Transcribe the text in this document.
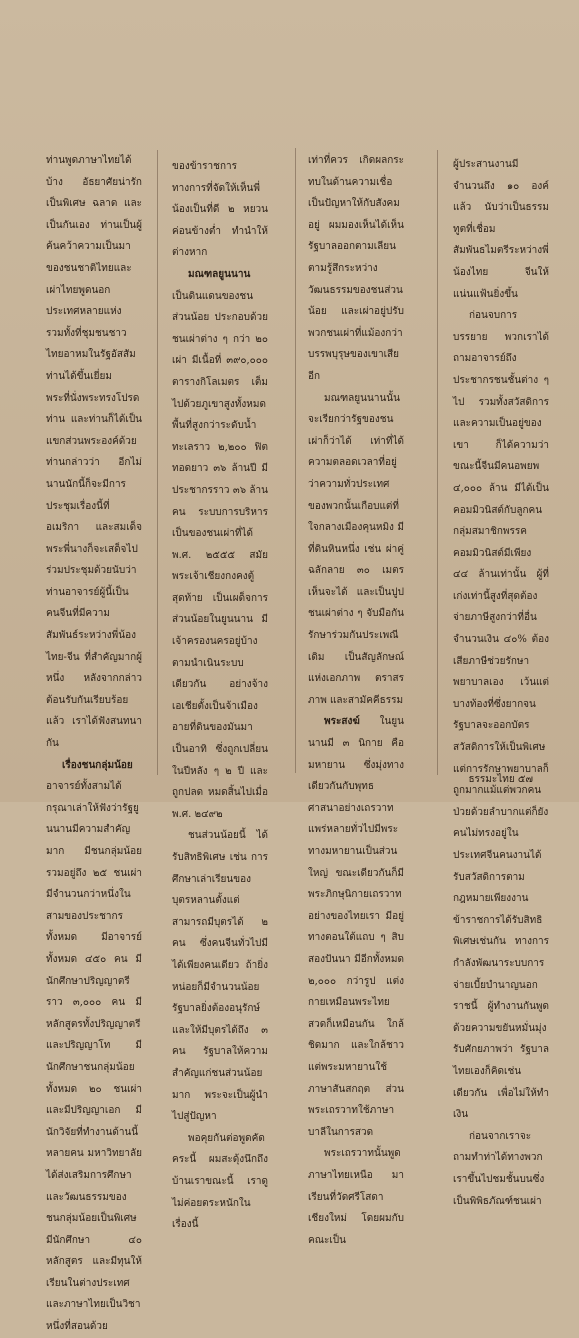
ท่านพูดภาษาไทยได้บ้าง อัธยาศัยน่ารักเป็นพิเศษ ฉลาด และเป็นกันเอง ท่านเป็นผู้ค้นคว้าความเป็นมาของชนชาติไทยและเผ่าไทยพูดนอกประเทศหลายแห่ง รวมทั้งที่ชุมชนชาวไทยอาหมในรัฐอัสสัม ท่านได้ขึ้นเยี่ยมพระที่นั่งพระทรงโปรดท่าน และท่านก็ได้เป็นแขกส่วนพระองค์ด้วย ท่านกล่าวว่า อีกไม่นานนักนี้ก็จะมีการประชุมเรื่องนี้ที่อเมริกา และสมเด็จพระพี่นางก็จะเสด็จไปร่วมประชุมด้วยนับว่าท่านอาจารย์ผู้นี้เป็นคนจีนที่มีความสัมพันธ์ระหว่างพี่น้องไทย-จีน ที่สำคัญมากผู้หนึ่ง หลังจากกล่าวต้อนรับกันเรียบร้อยแล้ว เราได้ฟังสนทนากัน

เรื่องชนกลุ่มน้อย อาจารย์ทั้งสามได้กรุณาเล่าให้ฟังว่ารัฐยูนนานมีความสำคัญมาก มีชนกลุ่มน้อยรวมอยู่ถึง ๒๕ ชนเผ่า มีจำนวนกว่าหนึ่งในสามของประชากรทั้งหมด มีอาจารย์ทั้งหมด ๔๕๐ คน มีนักศึกษาปริญญาตรีราว ๓,๐๐๐ คน มีหลักสูตรทั้งปริญญาตรีและปริญญาโท มีนักศึกษาชนกลุ่มน้อยทั้งหมด ๒๐ ชนเผ่า และมีปริญญาเอก มีนักวิจัยที่ทำงานด้านนี้หลายคน มหาวิทยาลัยได้ส่งเสริมการศึกษาและวัฒนธรรมของชนกลุ่มน้อยเป็นพิเศษ มีนักศึกษา ๔๐ หลักสูตร และมีทุนให้เรียนในต่างประเทศ และภาษาไทยเป็นวิชาหนึ่งที่สอนด้วย

ของข้าราชการทางการที่จัดให้เห็นพี่น้องเป็นที่ดี ๒ หยวนค่อนข้างต่ำ ทำนำให้ต่างหาก

มณฑลยูนนาน เป็นดินแดนของชนส่วนน้อย ประกอบด้วยชนเผ่าต่าง ๆ กว่า ๒๐ เผ่า มีเนื้อที่ ๓๙๐,๐๐๐ ตารางกิโลเมตร เต็มไปด้วยภูเขาสูงทั้งหมด พื้นที่สูงกว่าระดับน้ำทะเลราว ๒,๒๐๐ ฟิต ทอดยาว ๓๖ ล้านปี มีประชากรราว ๓๖ ล้านคน ระบบการบริหารเป็นของชนเผ่าที่ได้ พ.ศ. ๒๕๕๕ สมัยพระเจ้าเชียงกงคงตู้สุดท้าย เป็นเผด็จการ ส่วนน้อยในยูนนาน มีเจ้าครองนครอยู่บ้างตามนำเนินระบบเดียวกัน อย่างจ้างเอเชียตั้งเป็นจ้าเมืองอายที่ดินของมันมา เป็นอาทิ ซึ่งถูกเปลี่ยนในปีหลัง ๆ ๒ ปี และถูกปลด หมดสิ้นไปเมื่อ พ.ศ. ๒๔๙๒

ชนส่วนน้อยนี้ ได้รับสิทธิพิเศษ เช่น การศึกษาเล่าเรียนของบุตรหลานตั้งแต่ สามารถมีบุตรได้ ๒ คน ซึ่งคนจีนทั่วไปมีได้เพียงคนเดียว ถ้ายิ่งหน่อยก็มีจำนวนน้อย รัฐบาลยิ่งต้องอนุรักษ์และให้มีบุตรได้ถึง ๓ คน รัฐบาลให้ความสำคัญแก่ชนส่วนน้อยมาก พระจะเป็นผู้นำไปสู่ปัญหา

พอคุยกันต่อพูดคัดคระนี้ ผมสะดุ้งนึกถึงบ้านเราขณะนี้ เราดูไม่ค่อยตระหนักในเรื่องนี้

เท่าที่ควร เกิดผลกระทบในด้านความเชื่อ เป็นปัญหาให้กับสังคมอยู่ ผมมองเห็นได้เห็นรัฐบาลออกตามเลียนตามรู้สึกระหว่างวัฒนธรรมของชนส่วนน้อย และเผ่าอยู่ปรับพวกชนเผ่าที่แม้องกว่าบรรพบุรุษของเขาเสียอีก

มณฑลยูนนานนั้น จะเรียกว่ารัฐของชนเผ่าก็ว่าได้ เท่าที่ได้ความตลอดเวลาที่อยู่ว่าความทั่วประเทศของพวกนั้นเกือบแต่ที่ใจกลางเมืองคุนหมิง มีที่ดินหินหนึ่ง เช่น ผ่าคู่ฉลักลาย ๓๐ เมตรเห็นจะได้ และเป็นปูปชนเผ่าต่าง ๆ จับมือกันรักษาร่วมกันประเพณีเดิม เป็นสัญลักษณ์แห่งเอกภาพ ตราสรภาพ และสามัคคีธรรม

พระสงฆ์ ในยูนนานมี ๓ นิกาย คือ มหายาน ซึ่งมุ่งทางเดียวกันกับพุทธศาสนาอย่างเถรวาทแพร่หลายทั่วไปมีพระทางมหายานเป็นส่วนใหญ่ ขณะเดียวกันก็มีพระภิกษุนิกายเถรวาทอย่างของไทยเรา มีอยู่ทางตอนใต้แถบ ๆ สิบสองปันนา มีอีกทั้งหมด ๒,๐๐๐ กว่ารูป แต่งกายเหมือนพระไทย สวดก็เหมือนกัน ใกล้ชิดมาก และใกล้ชาวแต่พระมหายานใช้ภาษาสันสกฤต ส่วนพระเถรวาทใช้ภาษาบาลีในการสวด

พระเถรวาทนั้นพูดภาษาไทยเหนือ มาเรียนที่วัดศรีโสดาเชียงใหม่ โดยผมกับคณะเป็น

ผู้ประสานงานมีจำนวนถึง ๑๐ องค์แล้ว นับว่าเป็นธรรมทูตที่เชื่อมสัมพันธไมตรีระหว่างพี่น้องไทย จีนให้แน่นแฟ้นยิ่งขึ้น

ก่อนจบการบรรยาย พวกเราได้ถามอาจารย์ถึงประชากรชนชั้นต่าง ๆ ไป รวมทั้งสวัสดิการและความเป็นอยู่ของเขา ก็ได้ความว่า ขณะนี้จีนมีคนอพยพ ๔,๐๐๐ ล้าน มีได้เป็นคอมมิวนิสต์กับลูกคนกลุ่มสมาชิกพรรคคอมมิวนิสต์มีเพียง ๔๔ ล้านเท่านั้น ผู้ที่เก่งเท่านี้สูงที่สุดต้องจ่ายภาษีสูงกว่าที่อื่นจำนวนเงิน ๔๐% ต้องเสียภาษีช่วยรักษาพยาบาลเอง เว้นแต่บางท้องที่ซึ่งยากจน รัฐบาลจะออกบัตรสวัสดิการให้เป็นพิเศษแต่การรักษาพยาบาลก็ถูกมากแม้แต่พวกคนป่วยด้วยลำบากแต่ก็ยังคนไม่ทรงอยู่ในประเทศจีนคนงานได้รับสวัสดิการตามกฎหมายเพียงงาน ข้าราชการได้รับสิทธิพิเศษเช่นกัน ทางการกำลังพัฒนาระบบการจ่ายเบี้ยบำนาญนอกราชนี้ ผู้ทำงานกันพูดด้วยความขยันหมั่นมุ่งรับศักยภาพว่า รัฐบาลไทยเองก็คิดเช่นเดียวกัน เพื่อไม่ให้ทำเงิน

ก่อนจากเราจะถามทำท่าได้ทางพวกเราขึ้นไปชมชั้นบนซึ่งเป็นพิพิธภัณฑ์ชนเผ่า

ธรรมะไทย ๕๗
